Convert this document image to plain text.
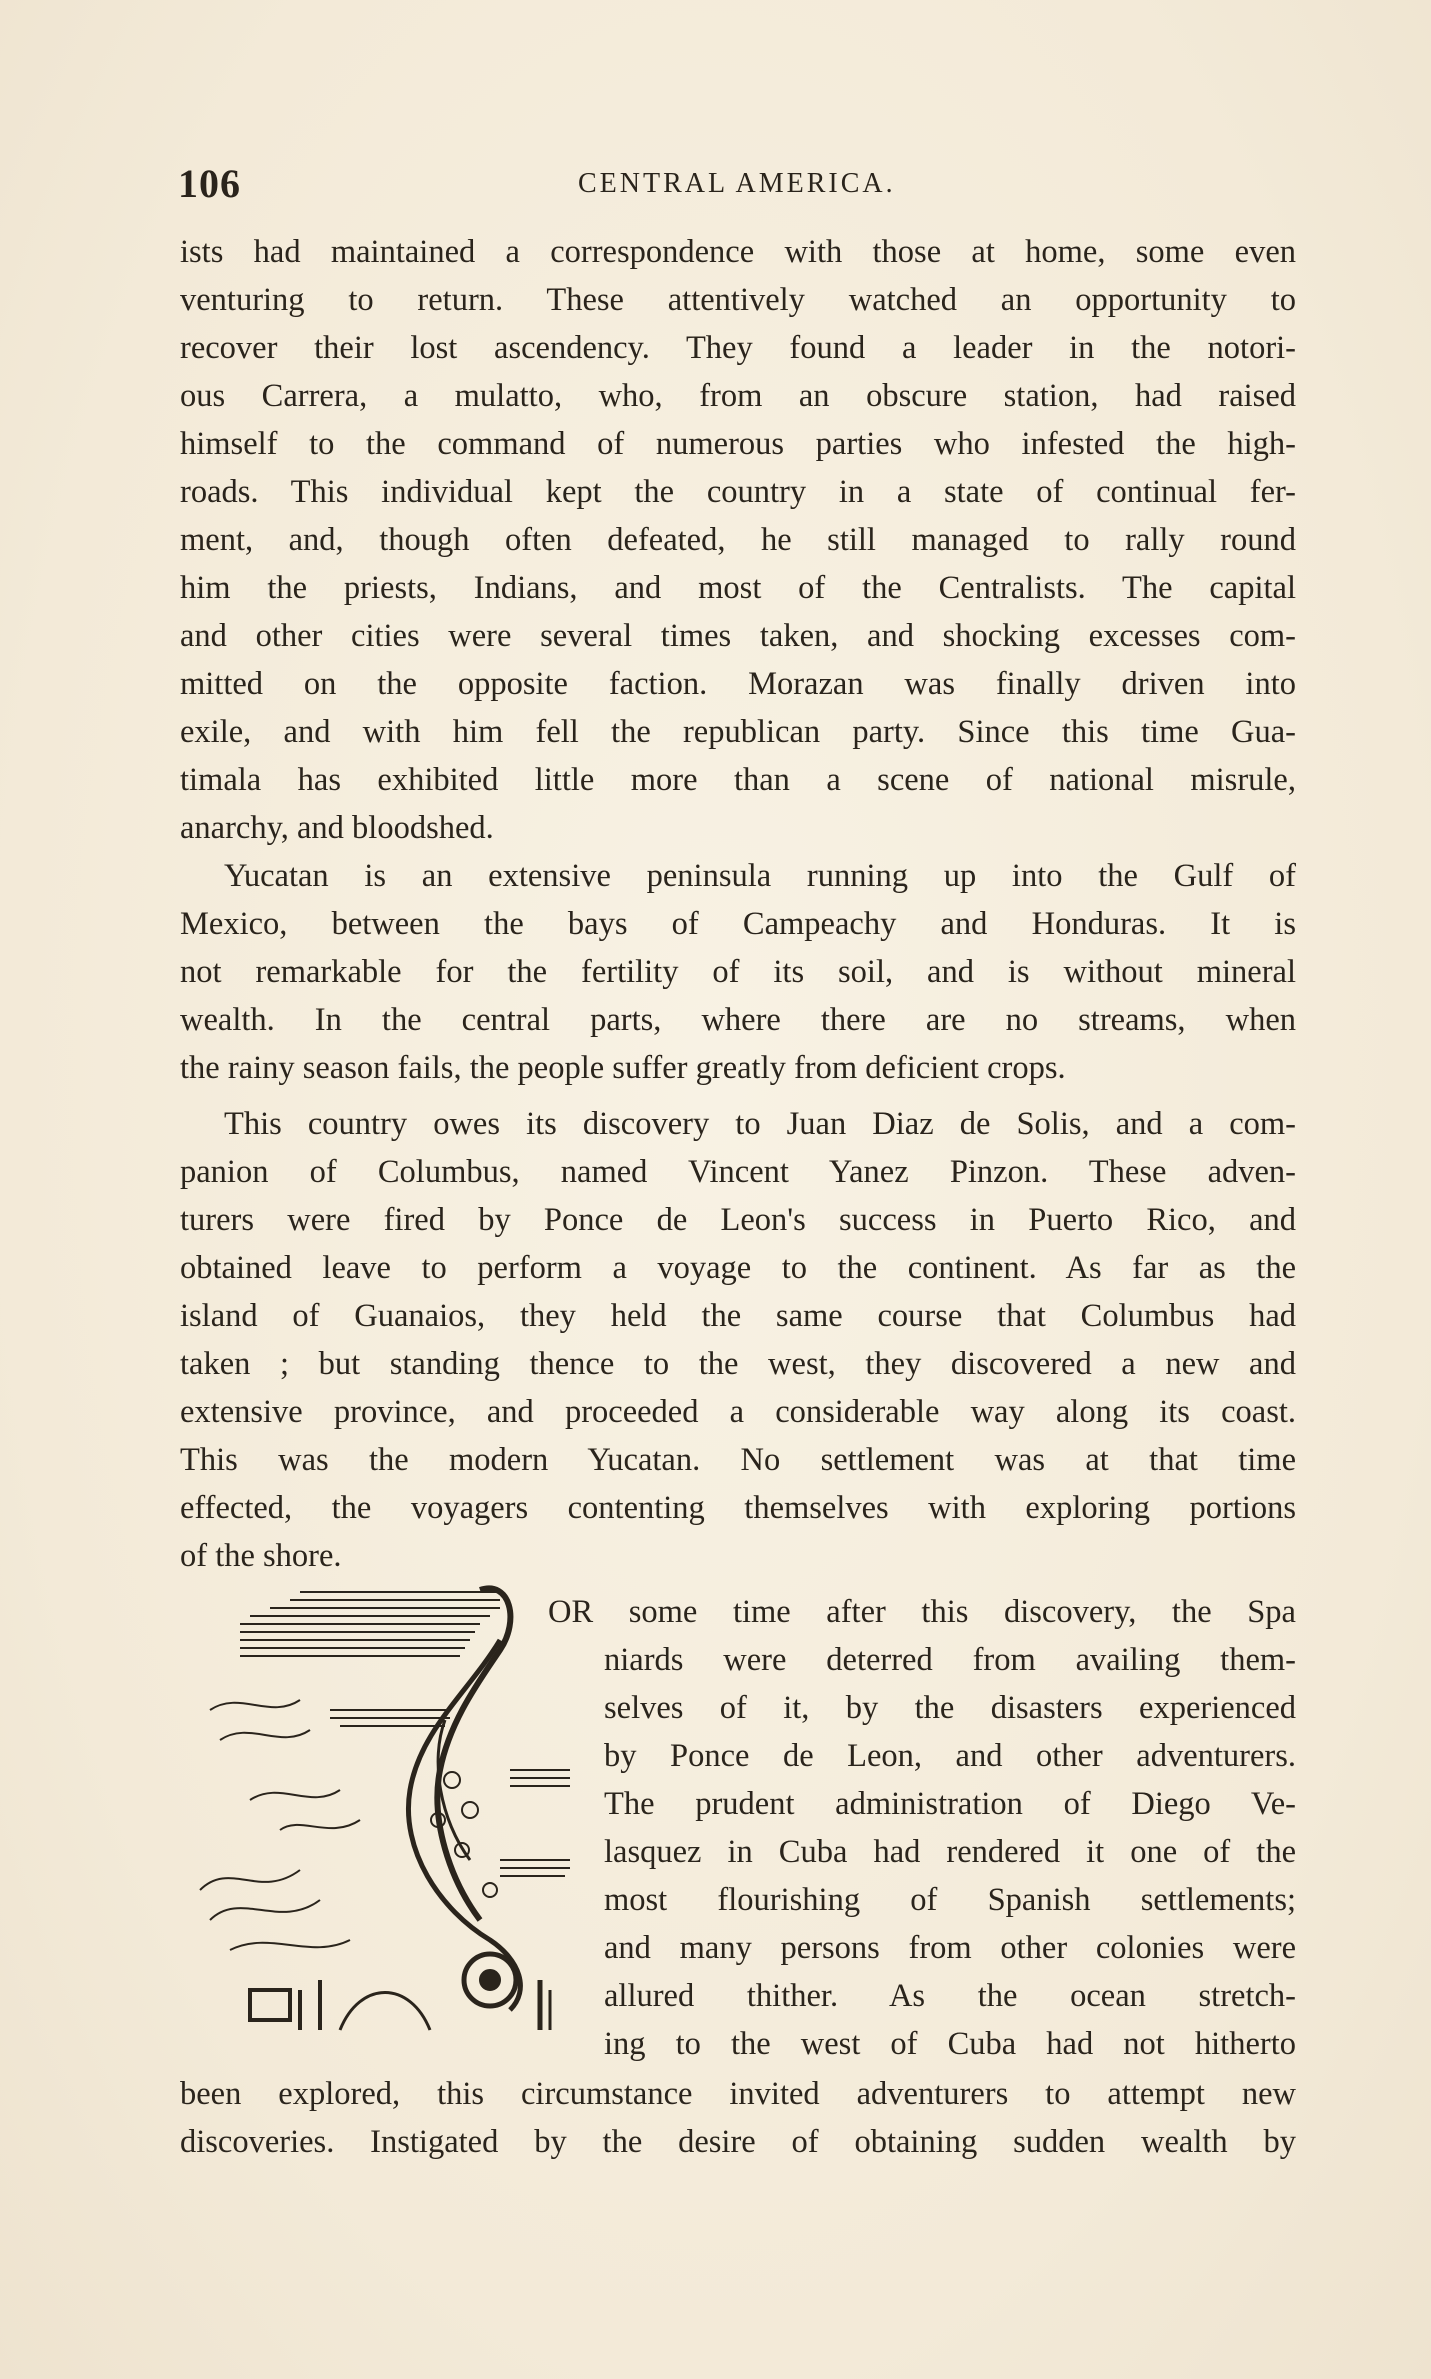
106	CENTRAL AMERICA.
ists had maintained a correspondence with those at home, some even
venturing to return. These attentively watched an opportunity to
recover their lost ascendency. They found a leader in the notori-
ous Carrera, a mulatto, who, from an obscure station, had raised
himself to the command of numerous parties who infested the high-
roads. This individual kept the country in a state of continual fer-
ment, and, though often defeated, he still managed to rally round
him the priests, Indians, and most of the Centralists. The capital
and other cities were several times taken, and shocking excesses com-
mitted on the opposite faction. Morazan was finally driven into
exile, and with him fell the republican party. Since this time Gua-
timala has exhibited little more than a scene of national misrule,
anarchy, and bloodshed.
Yucatan is an extensive peninsula running up into the Gulf of
Mexico, between the bays of Campeachy and Honduras. It is
not remarkable for the fertility of its soil, and is without mineral
wealth. In the central parts, where there are no streams, when
the rainy season fails, the people suffer greatly from deficient crops.
This country owes its discovery to Juan Diaz de Solis, and a com-
panion of Columbus, named Vincent Yanez Pinzon. These adven-
turers were fired by Ponce de Leon's success in Puerto Rico, and
obtained leave to perform a voyage to the continent. As far as the
island of Guanaios, they held the same course that Columbus had
taken ; but standing thence to the west, they discovered a new and
extensive province, and proceeded a considerable way along its coast.
This was the modern Yucatan. No settlement was at that time
effected, the voyagers contenting themselves with exploring portions
of the shore.
OR some time after this discovery, the Spa
niards were deterred from availing them-
selves of it, by the disasters experienced
by Ponce de Leon, and other adventurers.
The prudent administration of Diego Ve-
lasquez in Cuba had rendered it one of the
most flourishing of Spanish settlements;
and many persons from other colonies were
allured thither. As the ocean stretch-
ing to the west of Cuba had not hitherto
been explored, this circumstance invited adventurers to attempt new
discoveries. Instigated by the desire of obtaining sudden wealth by
